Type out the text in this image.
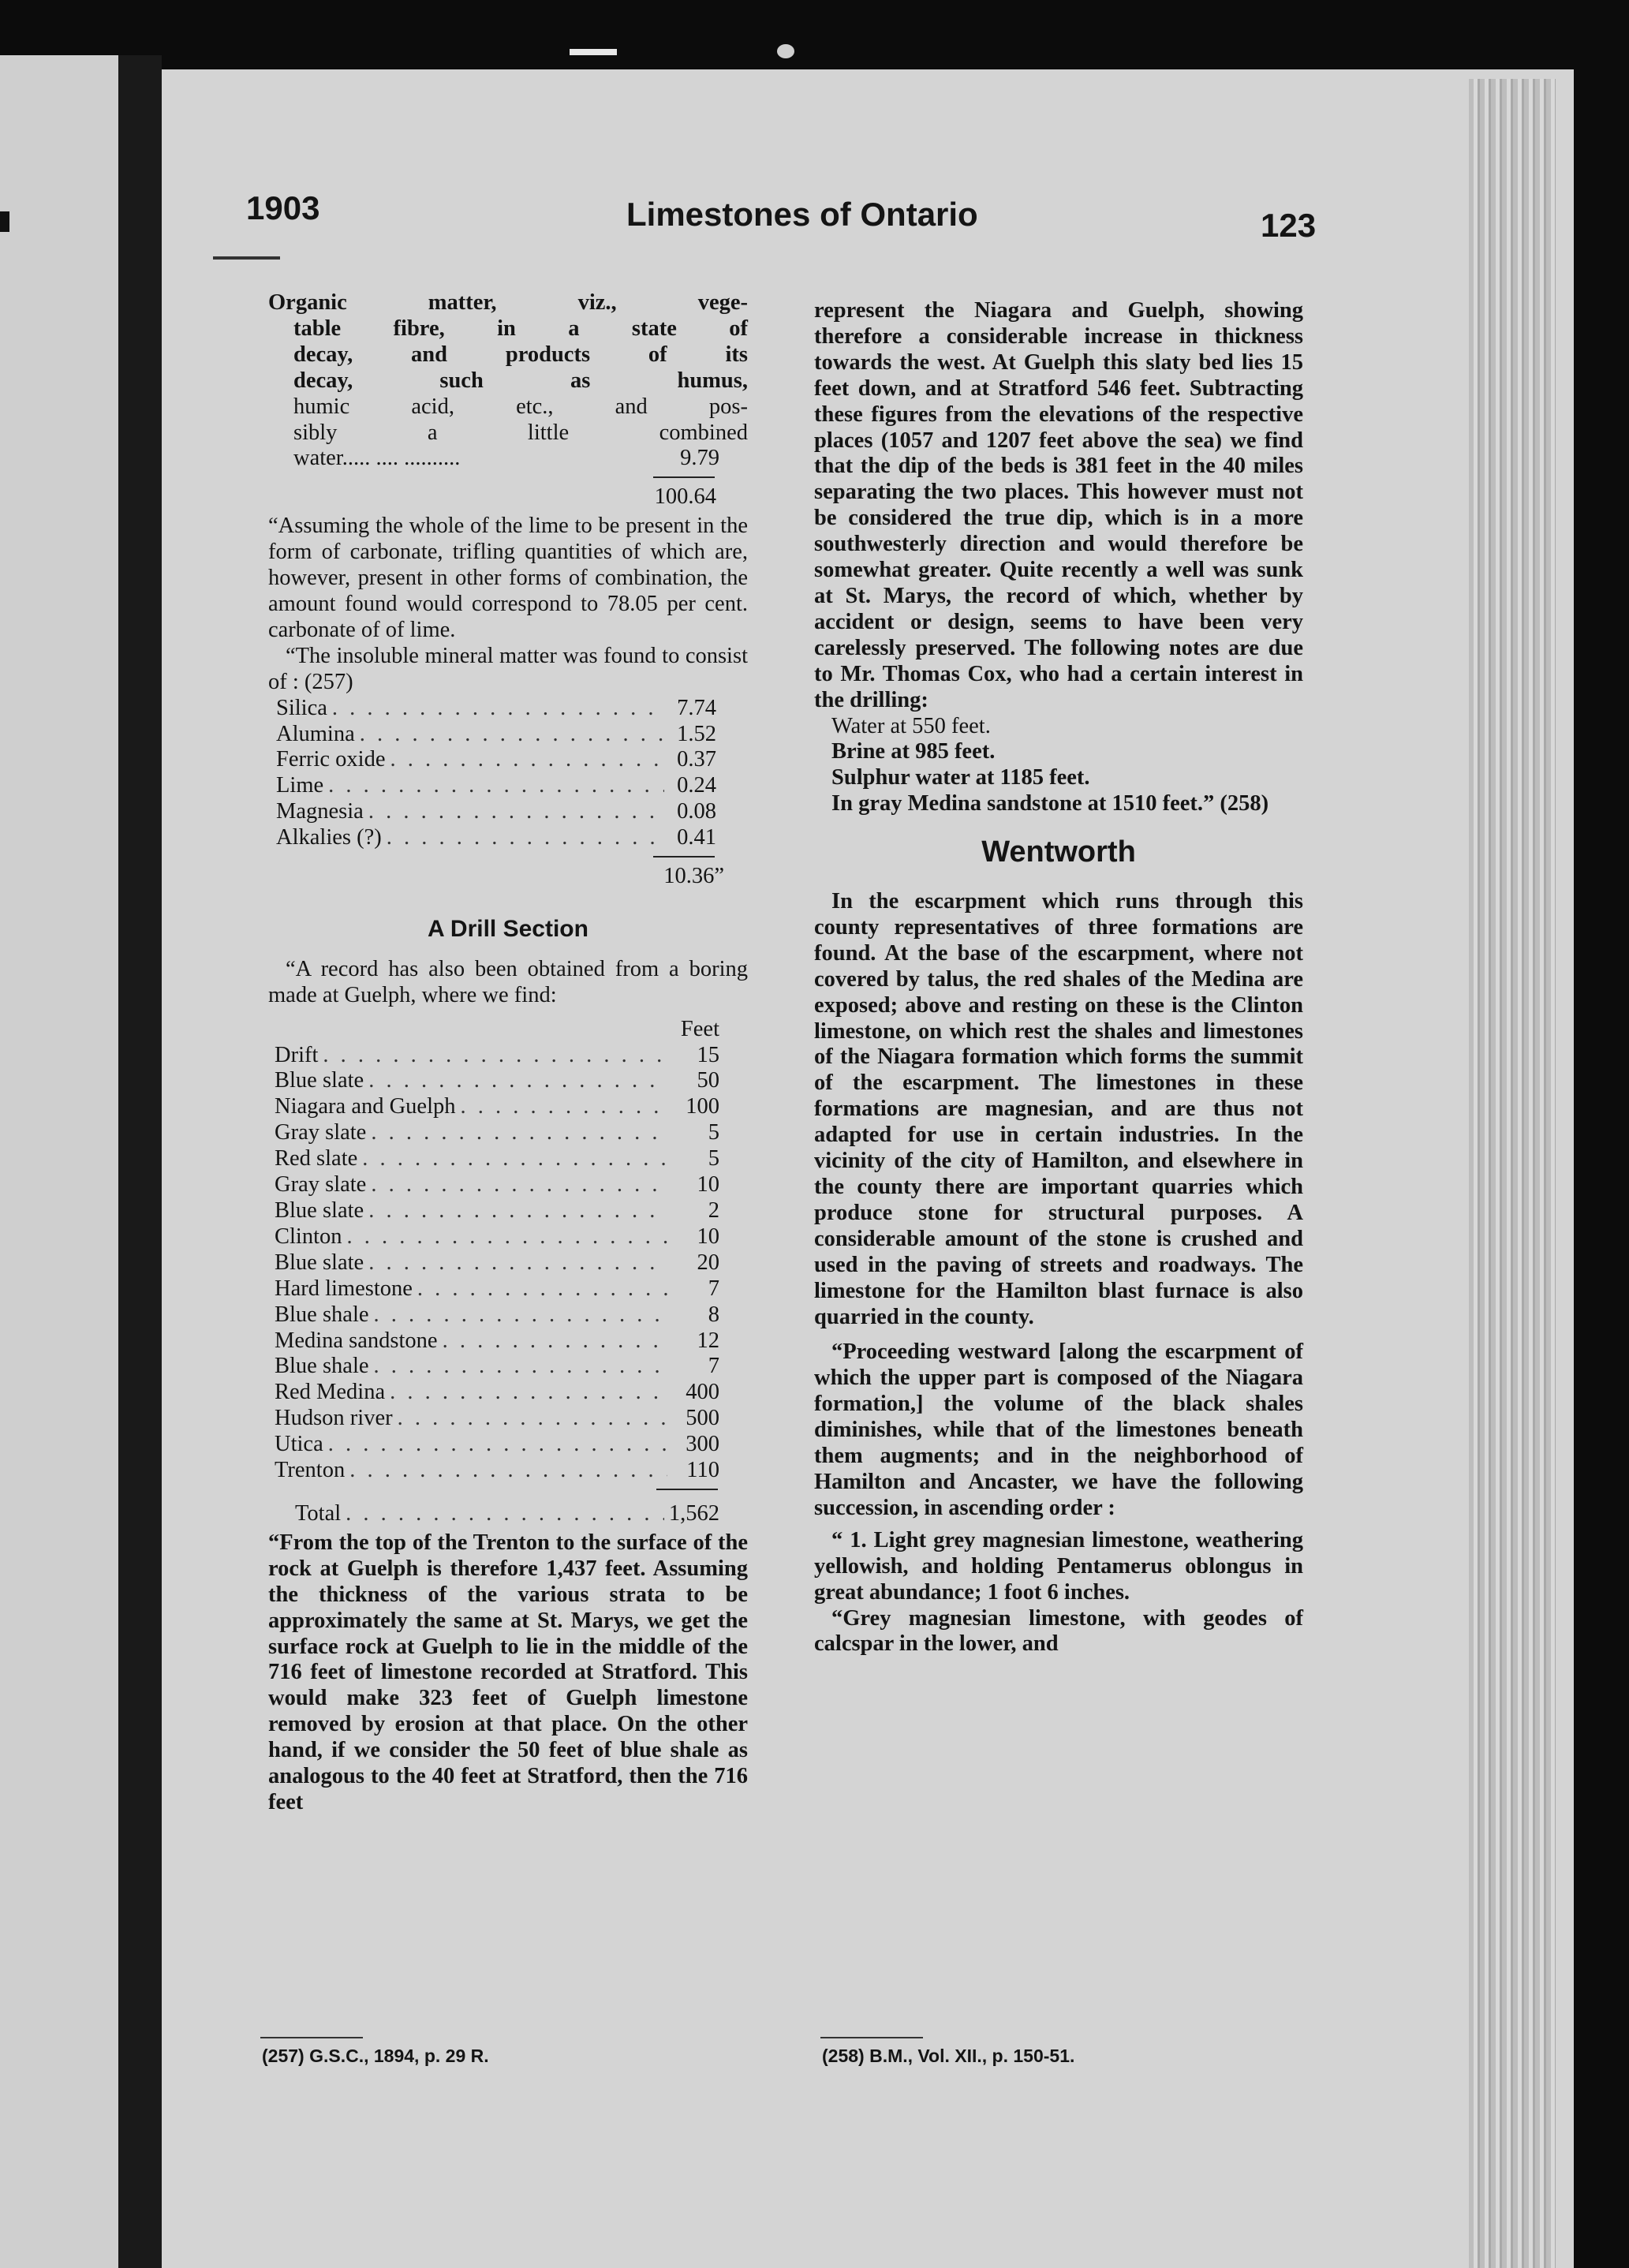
1903	Limestones of Ontario	123
Organic matter, viz., vege-
table fibre, in a state of
decay, and products of its
decay, such as humus,
humic acid, etc., and pos-
sibly a little combined
water..... .... ..........	9.79
100.64
“Assuming the whole of the lime to be present in the form of carbonate, trifling quantities of which are, however, present in other forms of combination, the amount found would correspond to 78.05 per cent. carbonate of of lime.
“The insoluble mineral matter was found to consist of : (257)
Silica . . .	7.74
Alumina . . .	1.52
Ferric oxide . . .	0.37
Lime . . .	0.24
Magnesia . . .	0.08
Alkalies (?) . . .	0.41
10.36”
A Drill Section
“A record has also been obtained from a boring made at Guelph, where we find:
Feet
Drift . . .	15
Blue slate . . .	50
Niagara and Guelph . . .	100
Gray slate . . .	5
Red slate . . .	5
Gray slate . . .	10
Blue slate . . .	2
Clinton . . .	10
Blue slate . . .	20
Hard limestone . . .	7
Blue shale . . .	8
Medina sandstone . . .	12
Blue shale . . .	7
Red Medina . . .	400
Hudson river . . .	500
Utica . . .	300
Trenton . . .	110
Total . . .	1,562
“From the top of the Trenton to the surface of the rock at Guelph is therefore 1,437 feet. Assuming the thickness of the various strata to be approximately the same at St. Marys, we get the surface rock at Guelph to lie in the middle of the 716 feet of limestone recorded at Stratford. This would make 323 feet of Guelph limestone removed by erosion at that place. On the other hand, if we consider the 50 feet of blue shale as analogous to the 40 feet at Stratford, then the 716 feet
represent the Niagara and Guelph, showing therefore a considerable increase in thickness towards the west. At Guelph this slaty bed lies 15 feet down, and at Stratford 546 feet. Subtracting these figures from the elevations of the respective places (1057 and 1207 feet above the sea) we find that the dip of the beds is 381 feet in the 40 miles separating the two places. This however must not be considered the true dip, which is in a more southwesterly direction and would therefore be somewhat greater. Quite recently a well was sunk at St. Marys, the record of which, whether by accident or design, seems to have been very carelessly preserved. The following notes are due to Mr. Thomas Cox, who had a certain interest in the drilling:
Water at 550 feet.
Brine at 985 feet.
Sulphur water at 1185 feet.
In gray Medina sandstone at 1510 feet.” (258)
Wentworth
In the escarpment which runs through this county representatives of three formations are found. At the base of the escarpment, where not covered by talus, the red shales of the Medina are exposed; above and resting on these is the Clinton limestone, on which rest the shales and limestones of the Niagara formation which forms the summit of the escarpment. The limestones in these formations are magnesian, and are thus not adapted for use in certain industries. In the vicinity of the city of Hamilton, and elsewhere in the county there are important quarries which produce stone for structural purposes. A considerable amount of the stone is crushed and used in the paving of streets and roadways. The limestone for the Hamilton blast furnace is also quarried in the county.
“Proceeding westward [along the escarpment of which the upper part is composed of the Niagara formation,] the volume of the black shales diminishes, while that of the limestones beneath them augments; and in the neighborhood of Hamilton and Ancaster, we have the following succession, in ascending order :
“ 1. Light grey magnesian limestone, weathering yellowish, and holding Pentamerus oblongus in great abundance; 1 foot 6 inches.
“Grey magnesian limestone, with geodes of calcspar in the lower, and
(257) G.S.C., 1894, p. 29 R.	(258) B.M., Vol. XII., p. 150-51.
